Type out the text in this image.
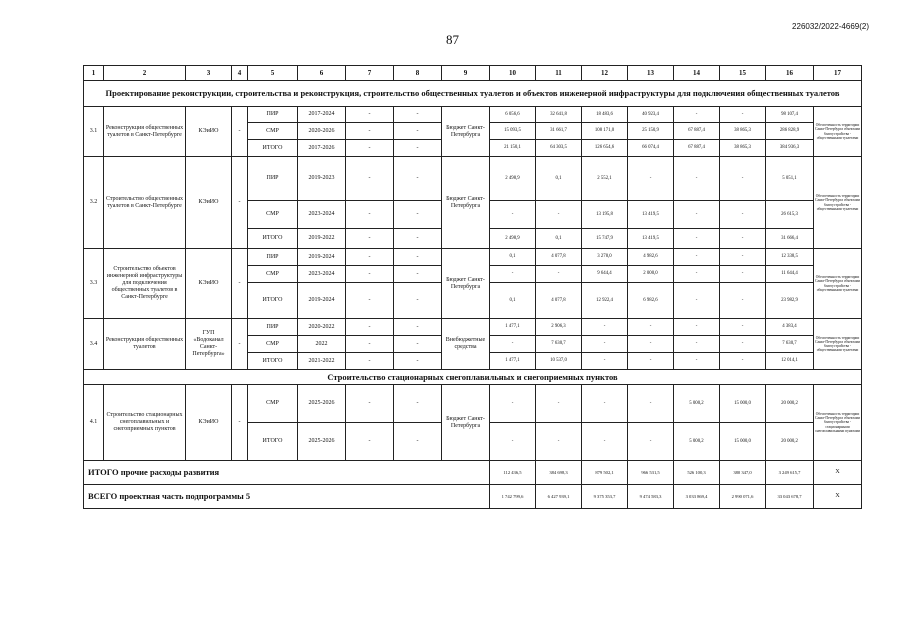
87
226032/2022-4669(2)
1	2	3	4	5	6	7	8	9	10	11	12	13	14	15	16	17
Проектирование реконструкции, строительства и реконструкция, строительство общественных туалетов и объектов инженерной инфраструктуры для подключения общественных туалетов																
3.1	Реконструкция общественных туалетов в Санкт-Петербурге	КЭиИО	-	ПИР	2017-2024	-	-	Бюджет Санкт-Петербурга	6 056,6	32 641,8	18 483,6	40 923,4	-	-	98 107,4	Обеспеченность территории Санкт-Петербурга объектами благоустройства - общественными туалетами
				СМР	2020-2026	-	-		15 093,5	31 661,7	108 171,0	25 150,9	67 887,4	38 865,3	286 828,9	
				ИТОГО	2017-2026	-	-		21 150,1	64 303,5	126 654,6	66 074,4	67 887,4	38 865,3	384 936,3	
3.2	Строительство общественных туалетов в Санкт-Петербурге	КЭиИО	-	ПИР	2019-2023	-	-	Бюджет Санкт-Петербурга	2 498,9	0,1	2 552,1	-	-	-	5 051,1	Обеспеченность территории Санкт-Петербурга объектами благоустройства - общественными туалетами
				СМР	2023-2024	-	-		-	-	13 195,8	13 419,5	-	-	26 615,3	
				ИТОГО	2019-2022	-	-		2 498,9	0,1	15 747,9	13 419,5	-	-	31 666,4	
3.3	Строительство объектов инженерной инфраструктуры для подключения общественных туалетов в Санкт-Петербурге	КЭиИО	-	ПИР	2019-2024	-	-	Бюджет Санкт-Петербурга	0,1	4 077,8	3 278,0	4 982,6	-	-	12 338,5	Обеспеченность территории Санкт-Петербурга объектами благоустройства - общественными туалетами
				СМР	2023-2024	-	-		-	-	9 644,4	2 000,0	-	-	11 644,4	
				ИТОГО	2019-2024	-	-		0,1	4 077,8	12 922,4	6 982,6	-	-	23 982,9	
3.4	Реконструкция общественных туалетов	ГУП «Водоканал Санкт-Петербурга»	-	ПИР	2020-2022	-	-	Внебюджетные средства	1 477,1	2 906,3	-	-	-	-	4 383,4	Обеспеченность территории Санкт-Петербурга объектами благоустройства - общественными туалетами
				СМР	2022	-	-		-	7 630,7	-	-	-	-	7 630,7	
				ИТОГО	2021-2022	-	-		1 477,1	10 537,0	-	-	-	-	12 014,1	
Строительство стационарных снегоплавильных и снегоприемных пунктов																
4.1	Строительство стационарных снегоплавильных и снегоприемных пунктов	КЭиИО	-	СМР	2025-2026	-	-	Бюджет Санкт-Петербурга	-	-	-	-	5 000,2	15 000,0	20 000,2	Обеспеченность территории Санкт-Петербурга объектами благоустройства - стационарными снегоплавильными пунктами
				ИТОГО	2025-2026	-	-		-	-	-	-	5 000,2	15 000,0	20 000,2	
ИТОГО прочие расходы развития									112 436,5	384 698,3	879 502,1	966 531,5	526 100,3	380 347,0	3 249 615,7	X
ВСЕГО проектная часть подпрограммы 5									1 742 799,6	6 427 939,1	9 375 353,7	9 474 583,3	3 033 869,4	2 990 071,6	33 043 678,7	X
